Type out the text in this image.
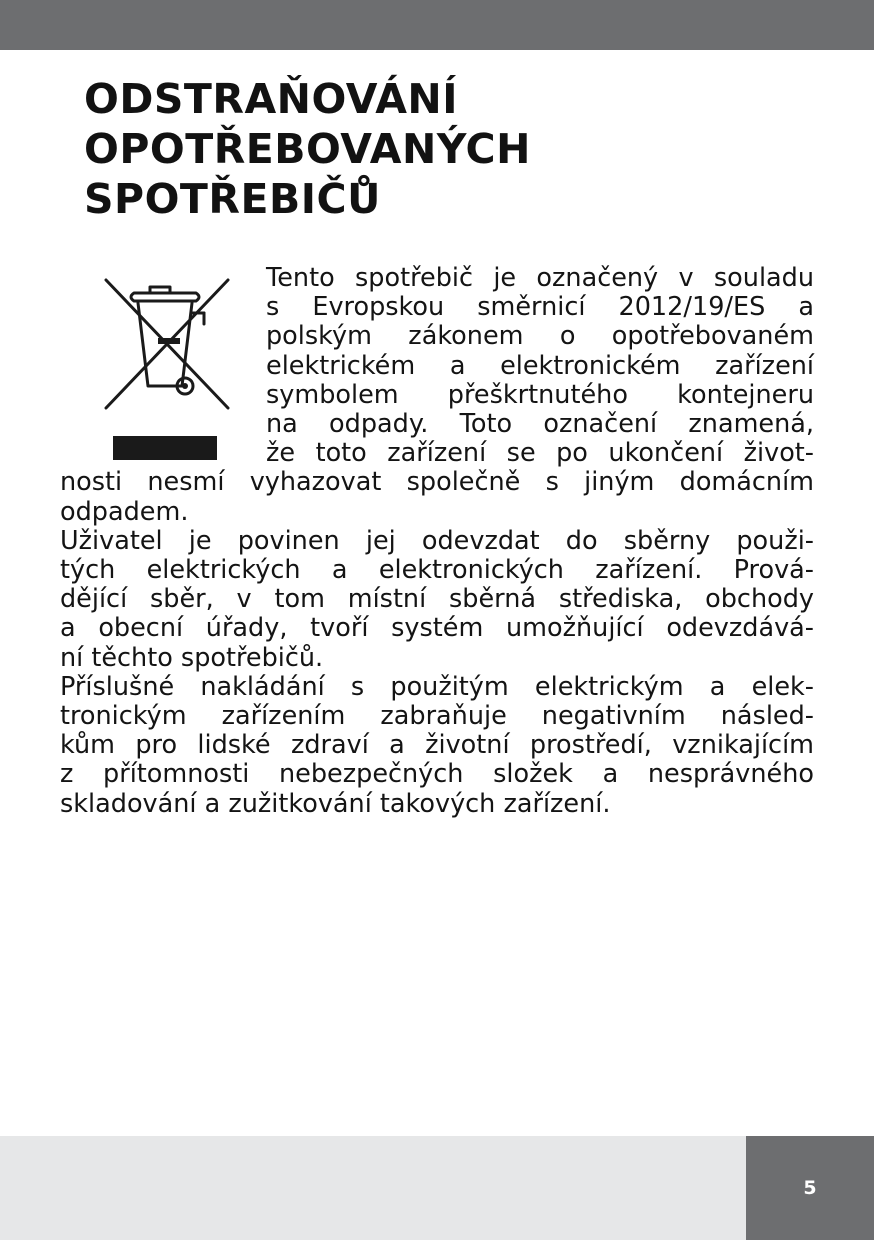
ODSTRAŇOVÁNÍ
OPOTŘEBOVANÝCH
SPOTŘEBIČŮ
Tento spotřebič je označený v souladu
s Evropskou směrnicí 2012/19/ES a
polským zákonem o opotřebovaném
elektrickém a elektronickém zařízení
symbolem přeškrtnutého kontejneru
na odpady. Toto označení znamená,
že toto zařízení se po ukončení život-
nosti nesmí vyhazovat společně s jiným domácním
odpadem.
Uživatel je povinen jej odevzdat do sběrny použi-
tých elektrických a elektronických zařízení. Prová-
dějící sběr, v tom místní sběrná střediska, obchody
a obecní úřady, tvoří systém umožňující odevzdává-
ní těchto spotřebičů.
Příslušné nakládání s použitým elektrickým a elek-
tronickým zařízením zabraňuje negativním násled-
kům pro lidské zdraví a životní prostředí, vznikajícím
z přítomnosti nebezpečných složek a nesprávného
skladování a zužitkování takových zařízení.
5
